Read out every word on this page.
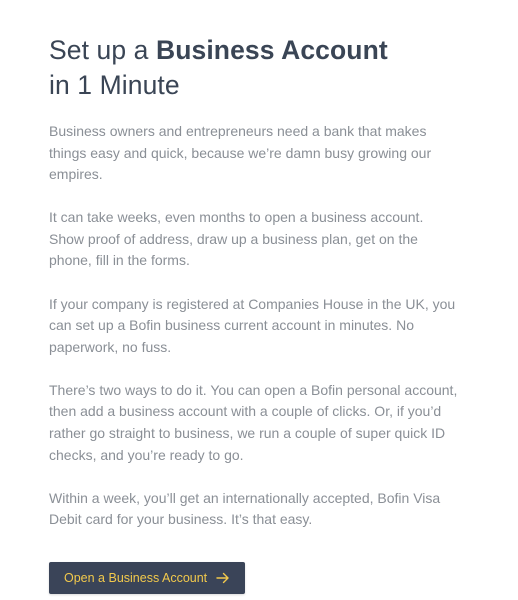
Set up a Business Account
in 1 Minute

Business owners and entrepreneurs need a bank that makes things easy and quick, because we’re damn busy growing our empires.

It can take weeks, even months to open a business account. Show proof of address, draw up a business plan, get on the phone, fill in the forms.

If your company is registered at Companies House in the UK, you can set up a Bofin business current account in minutes. No paperwork, no fuss.

There’s two ways to do it. You can open a Bofin personal account, then add a business account with a couple of clicks. Or, if you’d rather go straight to business, we run a couple of super quick ID checks, and you’re ready to go.

Within a week, you’ll get an internationally accepted, Bofin Visa Debit card for your business. It’s that easy.

Open a Business Account
